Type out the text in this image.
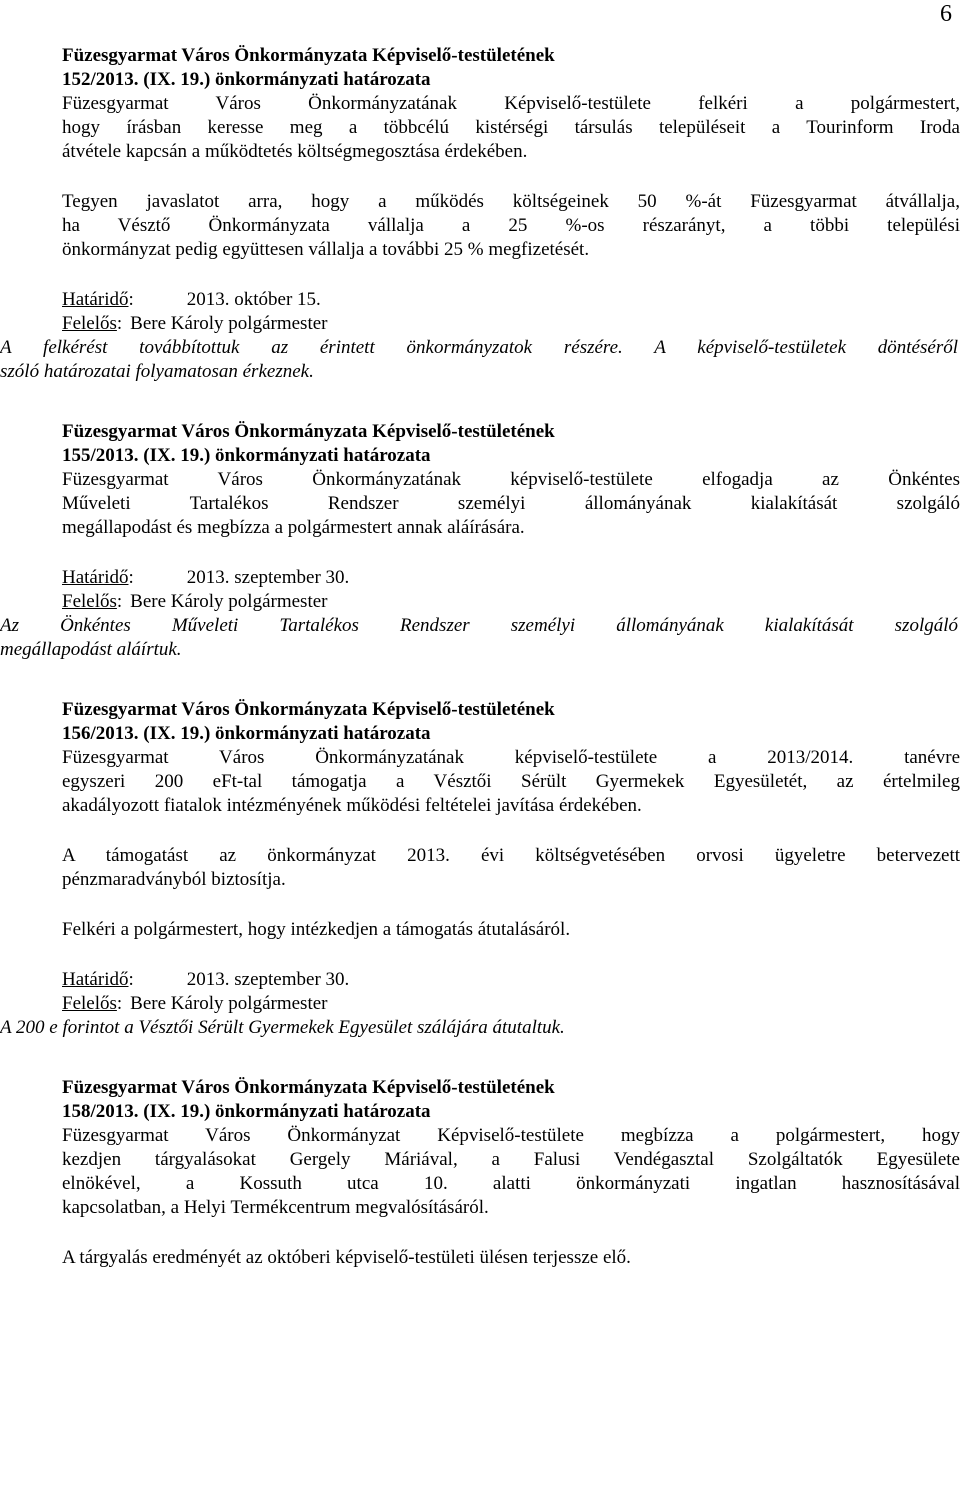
6
Füzesgyarmat Város Önkormányzata Képviselő-testületének
152/2013. (IX. 19.) önkormányzati határozata
Füzesgyarmat Város Önkormányzatának Képviselő-testülete felkéri a polgármestert,
hogy írásban keresse meg a többcélú kistérségi társulás településeit a Tourinform Iroda
átvétele kapcsán a működtetés költségmegosztása érdekében.
Tegyen javaslatot arra, hogy a működés költségeinek 50 %-át Füzesgyarmat átvállalja,
ha Vésztő Önkormányzata vállalja a 25 %-os részarányt, a többi települési
önkormányzat pedig együttesen vállalja a további 25 % megfizetését.
Határidő:	2013. október 15.
Felelős: Bere Károly polgármester
A felkérést továbbítottuk az érintett önkormányzatok részére. A képviselő-testületek döntéséről
szóló határozatai folyamatosan érkeznek.
Füzesgyarmat Város Önkormányzata Képviselő-testületének
155/2013. (IX. 19.) önkormányzati határozata
Füzesgyarmat Város Önkormányzatának képviselő-testülete elfogadja az Önkéntes
Műveleti Tartalékos Rendszer személyi állományának kialakítását szolgáló
megállapodást és megbízza a polgármestert annak aláírására.
Határidő:	2013. szeptember 30.
Felelős: Bere Károly polgármester
Az Önkéntes Műveleti Tartalékos Rendszer személyi állományának kialakítását szolgáló
megállapodást aláírtuk.
Füzesgyarmat Város Önkormányzata Képviselő-testületének
156/2013. (IX. 19.) önkormányzati határozata
Füzesgyarmat Város Önkormányzatának képviselő-testülete a 2013/2014. tanévre
egyszeri 200 eFt-tal támogatja a Vésztői Sérült Gyermekek Egyesületét, az értelmileg
akadályozott fiatalok intézményének működési feltételei javítása érdekében.
A támogatást az önkormányzat 2013. évi költségvetésében orvosi ügyeletre betervezett
pénzmaradványból biztosítja.
Felkéri a polgármestert, hogy intézkedjen a támogatás átutalásáról.
Határidő:	2013. szeptember 30.
Felelős: Bere Károly polgármester
A 200 e forintot a Vésztői Sérült Gyermekek Egyesület szálájára átutaltuk.
Füzesgyarmat Város Önkormányzata Képviselő-testületének
158/2013. (IX. 19.) önkormányzati határozata
Füzesgyarmat Város Önkormányzat Képviselő-testülete megbízza a polgármestert, hogy
kezdjen tárgyalásokat Gergely Máriával, a Falusi Vendégasztal Szolgáltatók Egyesülete
elnökével, a Kossuth utca 10. alatti önkormányzati ingatlan hasznosításával
kapcsolatban, a Helyi Termékcentrum megvalósításáról.
A tárgyalás eredményét az októberi képviselő-testületi ülésen terjessze elő.
